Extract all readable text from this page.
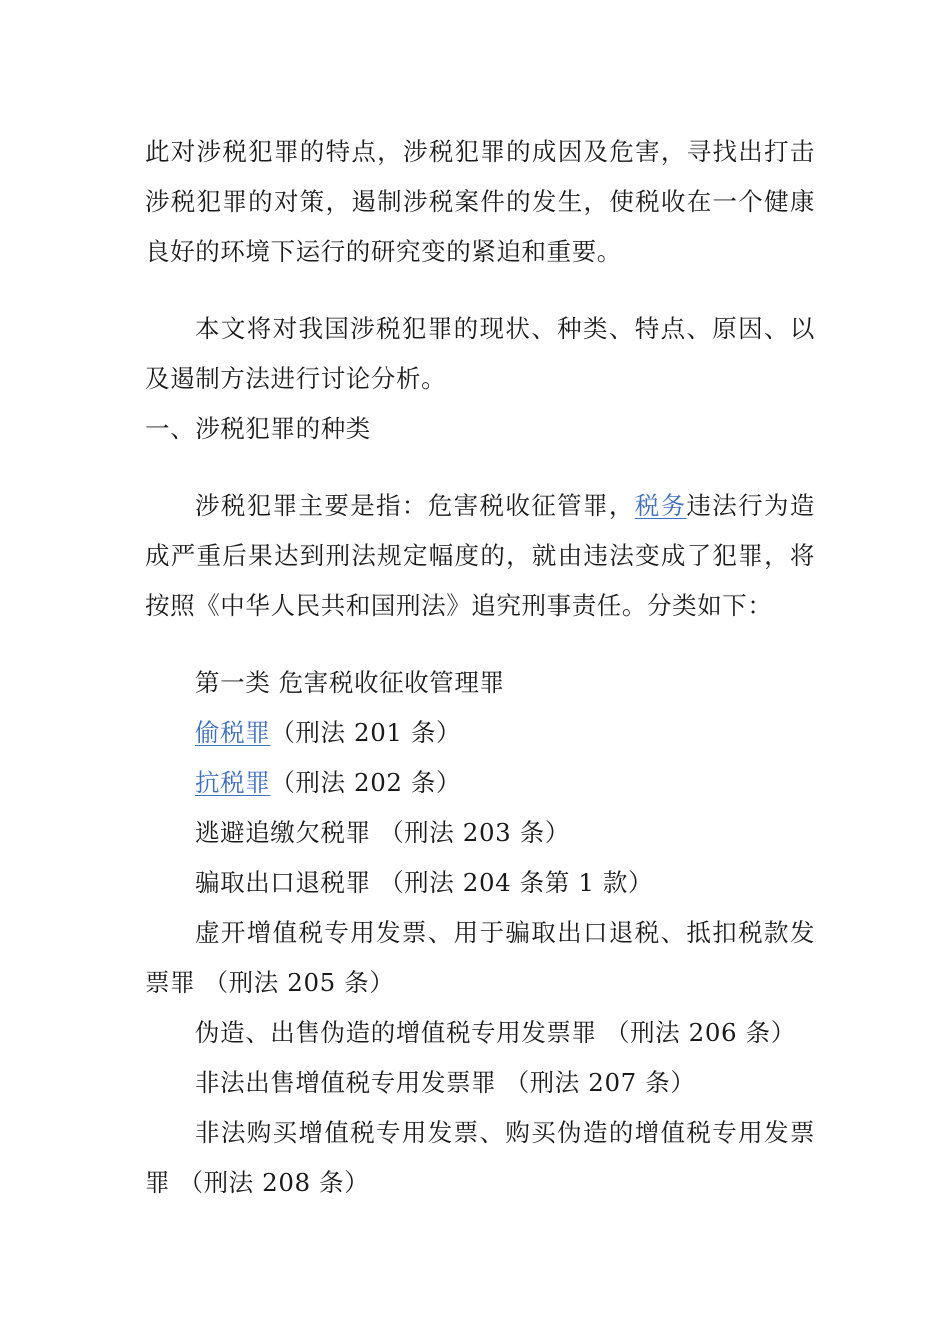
此对涉税犯罪的特点，涉税犯罪的成因及危害，寻找出打击涉税犯罪的对策，遏制涉税案件的发生，使税收在一个健康良好的环境下运行的研究变的紧迫和重要。

本文将对我国涉税犯罪的现状、种类、特点、原因、以及遏制方法进行讨论分析。

一、涉税犯罪的种类

涉税犯罪主要是指：危害税收征管罪，税务违法行为造成严重后果达到刑法规定幅度的，就由违法变成了犯罪，将按照《中华人民共和国刑法》追究刑事责任。分类如下：

第一类 危害税收征收管理罪

偷税罪（刑法 201 条）

抗税罪（刑法 202 条）

逃避追缴欠税罪 （刑法 203 条）

骗取出口退税罪 （刑法 204 条第 1 款）

虚开增值税专用发票、用于骗取出口退税、抵扣税款发票罪 （刑法 205 条）

伪造、出售伪造的增值税专用发票罪 （刑法 206 条）

非法出售增值税专用发票罪 （刑法 207 条）

非法购买增值税专用发票、购买伪造的增值税专用发票罪 （刑法 208 条）
